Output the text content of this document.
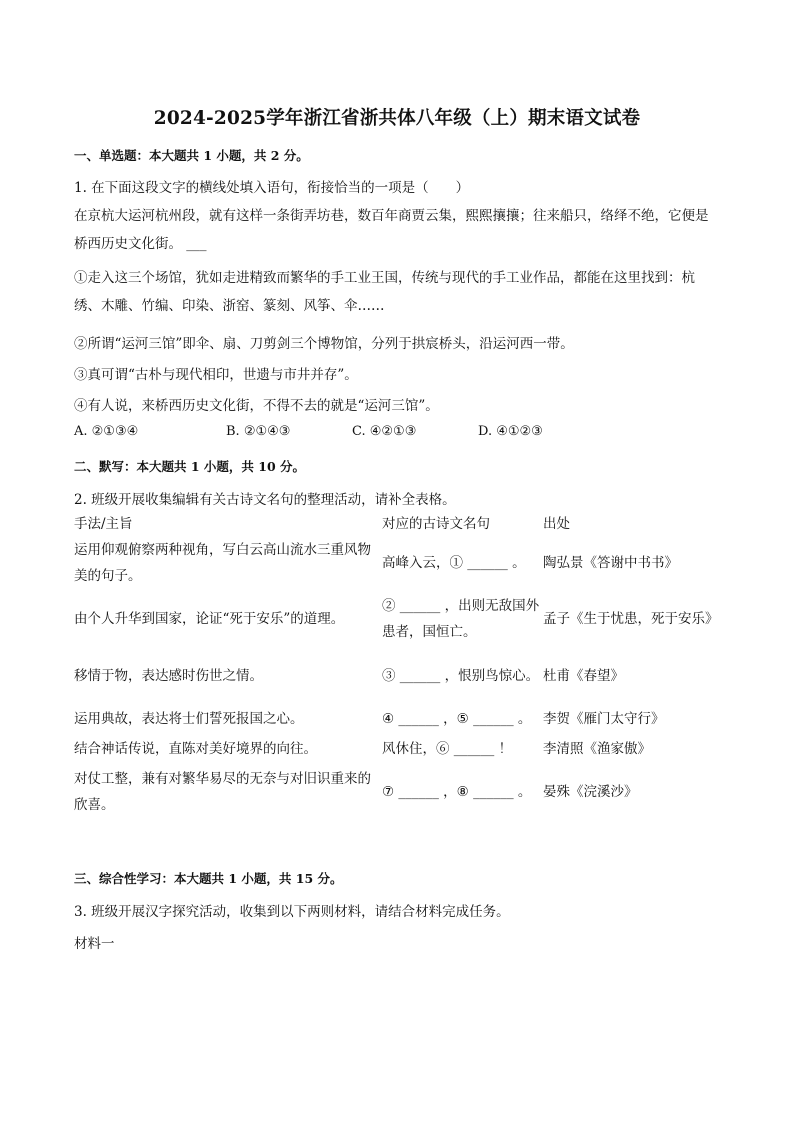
2024-2025学年浙江省浙共体八年级（上）期末语文试卷
一、单选题：本大题共 1 小题，共 2 分。
1. 在下面这段文字的横线处填入语句，衔接恰当的一项是（　　）
在京杭大运河杭州段，就有这样一条街弄坊巷，数百年商贾云集，熙熙攘攘；往来船只，络绎不绝，它便是桥西历史文化街。 ___
①走入这三个场馆，犹如走进精致而繁华的手工业王国，传统与现代的手工业作品，都能在这里找到：杭绣、木雕、竹编、印染、浙窑、篆刻、风筝、伞……
②所谓“运河三馆”即伞、扇、刀剪剑三个博物馆，分列于拱宸桥头，沿运河西一带。
③真可谓“古朴与现代相印，世遗与市井并存”。
④有人说，来桥西历史文化街，不得不去的就是“运河三馆”。
A. ②①③④	B. ②①④③	C. ④②①③	D. ④①②③
二、默写：本大题共 1 小题，共 10 分。
2. 班级开展收集编辑有关古诗文名句的整理活动，请补全表格。
手法/主旨	对应的古诗文名句	出处
运用仰观俯察两种视角，写白云高山流水三重风物美的句子。	高峰入云，① ______ 。	陶弘景《答谢中书书》
由个人升华到国家，论证“死于安乐”的道理。	② ______ ，出则无敌国外患者，国恒亡。	孟子《生于忧患，死于安乐》
移情于物，表达感时伤世之情。	③ ______ ，恨别鸟惊心。	杜甫《春望》
运用典故，表达将士们誓死报国之心。	④ ______ ，⑤ ______ 。	李贺《雁门太守行》
结合神话传说，直陈对美好境界的向往。	风休住，⑥ ______ ！	李清照《渔家傲》
对仗工整，兼有对繁华易尽的无奈与对旧识重来的欣喜。	⑦ ______ ，⑧ ______ 。	晏殊《浣溪沙》
三、综合性学习：本大题共 1 小题，共 15 分。
3. 班级开展汉字探究活动，收集到以下两则材料，请结合材料完成任务。
材料一
